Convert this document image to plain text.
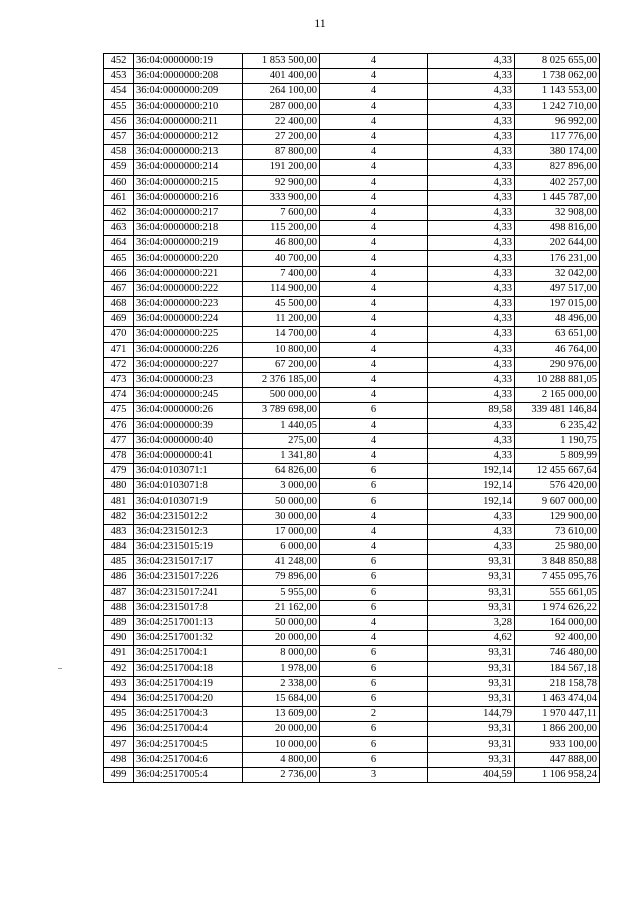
11
452	36:04:0000000:19	1 853 500,00	4	4,33	8 025 655,00
453	36:04:0000000:208	401 400,00	4	4,33	1 738 062,00
454	36:04:0000000:209	264 100,00	4	4,33	1 143 553,00
455	36:04:0000000:210	287 000,00	4	4,33	1 242 710,00
456	36:04:0000000:211	22 400,00	4	4,33	96 992,00
457	36:04:0000000:212	27 200,00	4	4,33	117 776,00
458	36:04:0000000:213	87 800,00	4	4,33	380 174,00
459	36:04:0000000:214	191 200,00	4	4,33	827 896,00
460	36:04:0000000:215	92 900,00	4	4,33	402 257,00
461	36:04:0000000:216	333 900,00	4	4,33	1 445 787,00
462	36:04:0000000:217	7 600,00	4	4,33	32 908,00
463	36:04:0000000:218	115 200,00	4	4,33	498 816,00
464	36:04:0000000:219	46 800,00	4	4,33	202 644,00
465	36:04:0000000:220	40 700,00	4	4,33	176 231,00
466	36:04:0000000:221	7 400,00	4	4,33	32 042,00
467	36:04:0000000:222	114 900,00	4	4,33	497 517,00
468	36:04:0000000:223	45 500,00	4	4,33	197 015,00
469	36:04:0000000:224	11 200,00	4	4,33	48 496,00
470	36:04:0000000:225	14 700,00	4	4,33	63 651,00
471	36:04:0000000:226	10 800,00	4	4,33	46 764,00
472	36:04:0000000:227	67 200,00	4	4,33	290 976,00
473	36:04:0000000:23	2 376 185,00	4	4,33	10 288 881,05
474	36:04:0000000:245	500 000,00	4	4,33	2 165 000,00
475	36:04:0000000:26	3 789 698,00	6	89,58	339 481 146,84
476	36:04:0000000:39	1 440,05	4	4,33	6 235,42
477	36:04:0000000:40	275,00	4	4,33	1 190,75
478	36:04:0000000:41	1 341,80	4	4,33	5 809,99
479	36:04:0103071:1	64 826,00	6	192,14	12 455 667,64
480	36:04:0103071:8	3 000,00	6	192,14	576 420,00
481	36:04:0103071:9	50 000,00	6	192,14	9 607 000,00
482	36:04:2315012:2	30 000,00	4	4,33	129 900,00
483	36:04:2315012:3	17 000,00	4	4,33	73 610,00
484	36:04:2315015:19	6 000,00	4	4,33	25 980,00
485	36:04:2315017:17	41 248,00	6	93,31	3 848 850,88
486	36:04:2315017:226	79 896,00	6	93,31	7 455 095,76
487	36:04:2315017:241	5 955,00	6	93,31	555 661,05
488	36:04:2315017:8	21 162,00	6	93,31	1 974 626,22
489	36:04:2517001:13	50 000,00	4	3,28	164 000,00
490	36:04:2517001:32	20 000,00	4	4,62	92 400,00
491	36:04:2517004:1	8 000,00	6	93,31	746 480,00
492	36:04:2517004:18	1 978,00	6	93,31	184 567,18
493	36:04:2517004:19	2 338,00	6	93,31	218 158,78
494	36:04:2517004:20	15 684,00	6	93,31	1 463 474,04
495	36:04:2517004:3	13 609,00	2	144,79	1 970 447,11
496	36:04:2517004:4	20 000,00	6	93,31	1 866 200,00
497	36:04:2517004:5	10 000,00	6	93,31	933 100,00
498	36:04:2517004:6	4 800,00	6	93,31	447 888,00
499	36:04:2517005:4	2 736,00	3	404,59	1 106 958,24
